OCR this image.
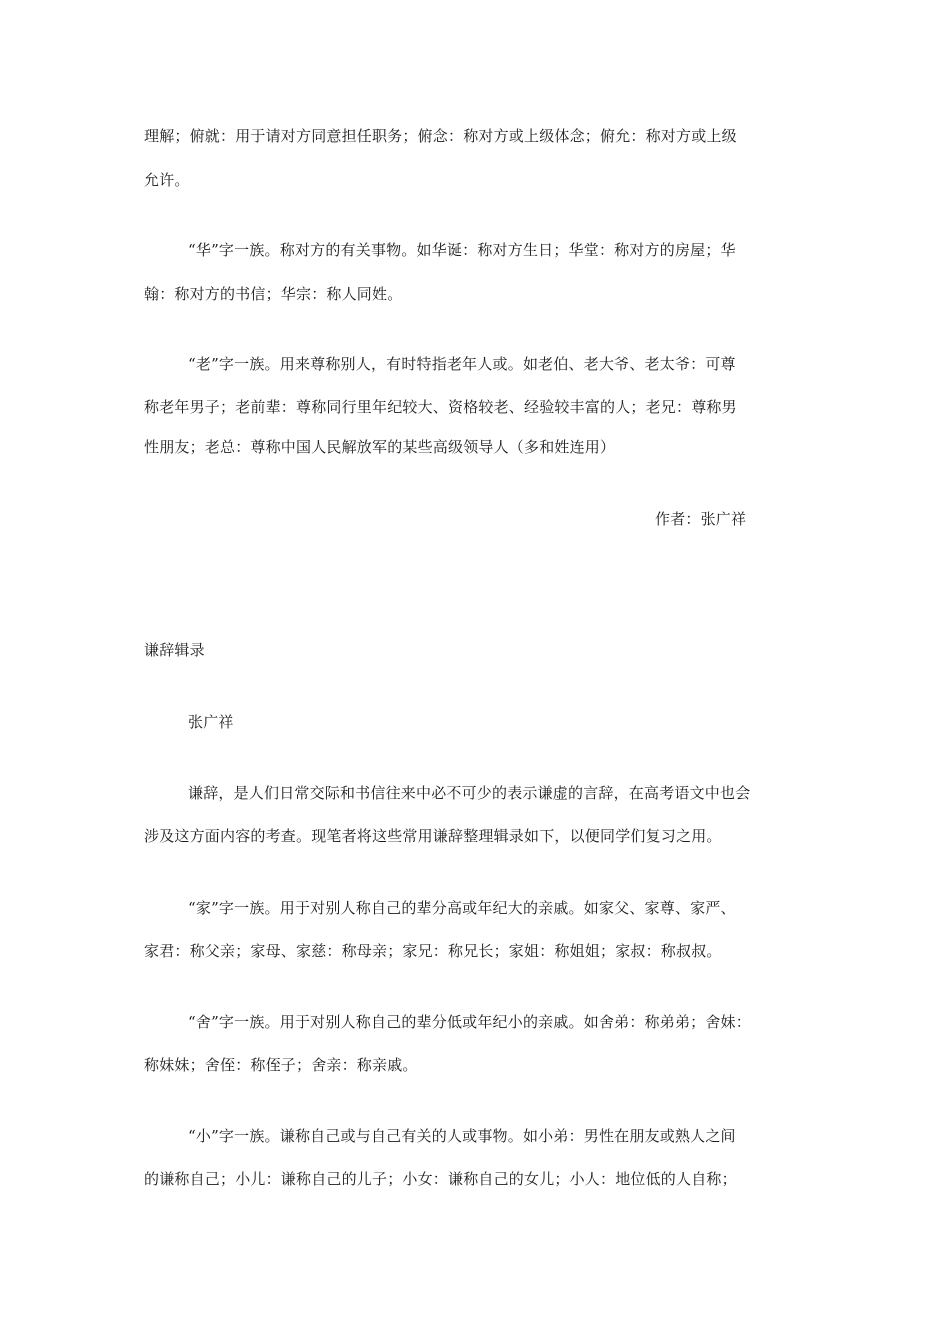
理解；俯就：用于请对方同意担任职务；俯念：称对方或上级体念；俯允：称对方或上级
允许。
“华”字一族。称对方的有关事物。如华诞：称对方生日；华堂：称对方的房屋；华
翰：称对方的书信；华宗：称人同姓。
“老”字一族。用来尊称别人，有时特指老年人或。如老伯、老大爷、老太爷：可尊
称老年男子；老前辈：尊称同行里年纪较大、资格较老、经验较丰富的人；老兄：尊称男
性朋友；老总：尊称中国人民解放军的某些高级领导人（多和姓连用）
作者：张广祥
谦辞辑录
张广祥
谦辞，是人们日常交际和书信往来中必不可少的表示谦虚的言辞，在高考语文中也会
涉及这方面内容的考查。现笔者将这些常用谦辞整理辑录如下，以便同学们复习之用。
“家”字一族。用于对别人称自己的辈分高或年纪大的亲戚。如家父、家尊、家严、
家君：称父亲；家母、家慈：称母亲；家兄：称兄长；家姐：称姐姐；家叔：称叔叔。
“舍”字一族。用于对别人称自己的辈分低或年纪小的亲戚。如舍弟：称弟弟；舍妹：
称妹妹；舍侄：称侄子；舍亲：称亲戚。
“小”字一族。谦称自己或与自己有关的人或事物。如小弟：男性在朋友或熟人之间
的谦称自己；小儿：谦称自己的儿子；小女：谦称自己的女儿；小人：地位低的人自称；
